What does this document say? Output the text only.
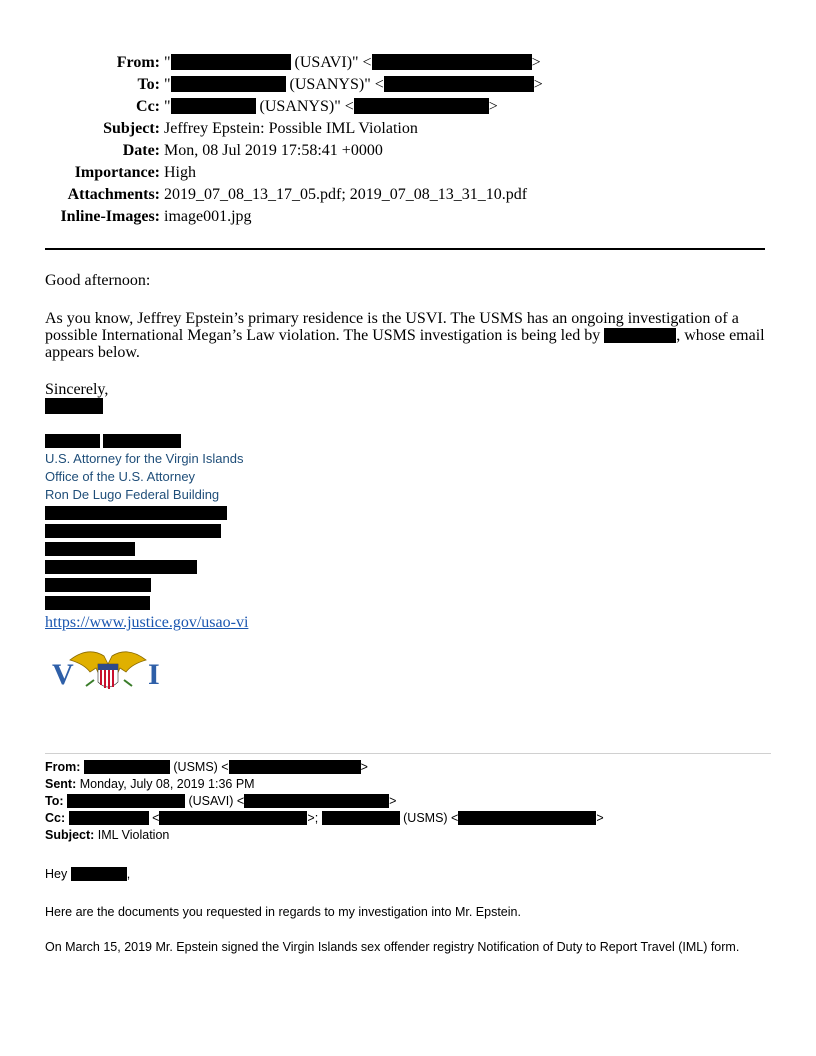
From: "	(USAVI)" <	>
To: "	(USANYS)" <	>
Cc: "	(USANYS)" <	>
Subject: Jeffrey Epstein: Possible IML Violation
Date: Mon, 08 Jul 2019 17:58:41 +0000
Importance: High
Attachments: 2019_07_08_13_17_05.pdf; 2019_07_08_13_31_10.pdf
Inline-Images: image001.jpg
Good afternoon:
As you know, Jeffrey Epstein’s primary residence is the USVI. The USMS has an ongoing investigation of a possible International Megan’s Law violation. The USMS investigation is being led by	, whose email appears below.
Sincerely,
U.S. Attorney for the Virgin Islands
Office of the U.S. Attorney
Ron De Lugo Federal Building
https://www.justice.gov/usao-vi
V I
From:	(USMS) <	>
Sent: Monday, July 08, 2019 1:36 PM
To:	(USAVI) <	>
Cc:	<	>;	(USMS) <	>
Subject: IML Violation
Hey	,
Here are the documents you requested in regards to my investigation into Mr. Epstein.
On March 15, 2019 Mr. Epstein signed the Virgin Islands sex offender registry Notification of Duty to Report Travel (IML) form.
